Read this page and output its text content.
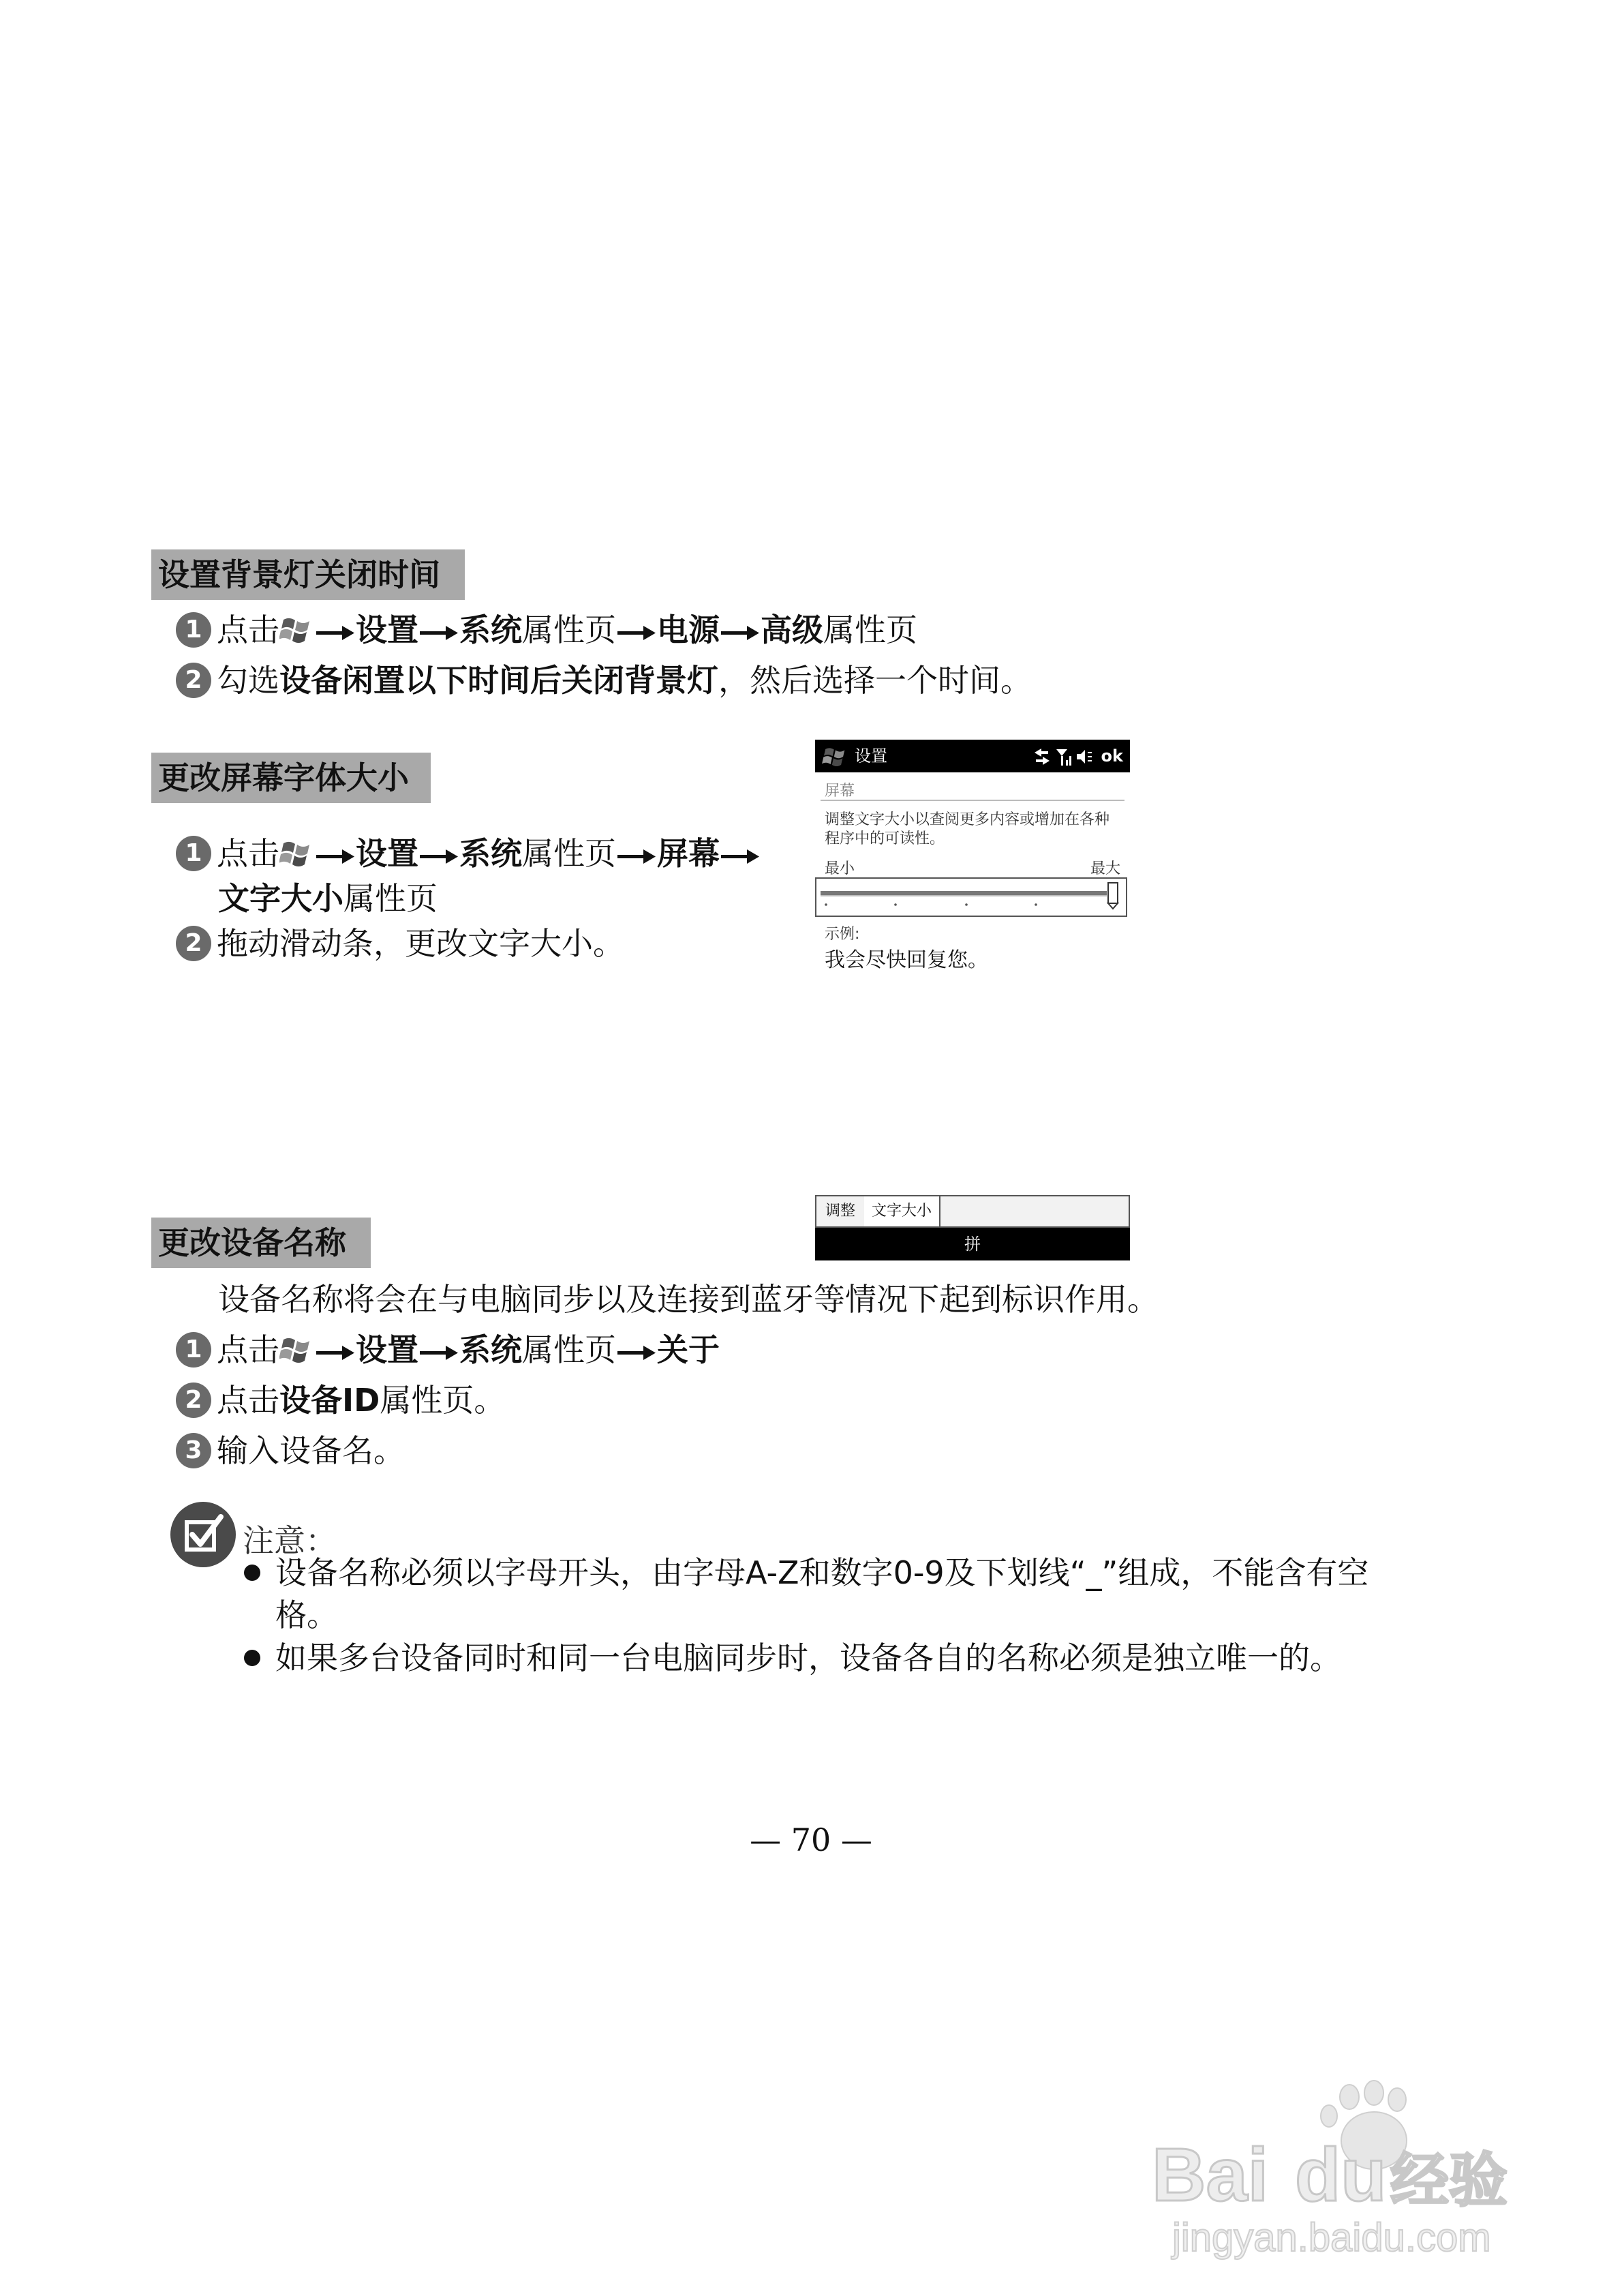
设置背景灯关闭时间
1 点击 设置 系统属性页 电源 高级属性页
2 勾选设备闲置以下时间后关闭背景灯，然后选择一个时间。
更改屏幕字体大小
1 点击 设置 系统属性页 屏幕
文字大小属性页
2 拖动滑动条，更改文字大小。
设置	ok
屏幕
调整文字大小以查阅更多内容或增加在各种
程序中的可读性。
最小	最大
示例:
我会尽快回复您。
调整	文字大小
拼
更改设备名称
设备名称将会在与电脑同步以及连接到蓝牙等情况下起到标识作用。
1 点击 设置 系统属性页 关于
2 点击设备ID属性页。
3 输入设备名。
注意：
设备名称必须以字母开头，由字母A-Z和数字0-9及下划线“_”组成，不能含有空
格。
如果多台设备同时和同一台电脑同步时，设备各自的名称必须是独立唯一的。
— 70 —
Bai du 经验
jingyan.baidu.com
